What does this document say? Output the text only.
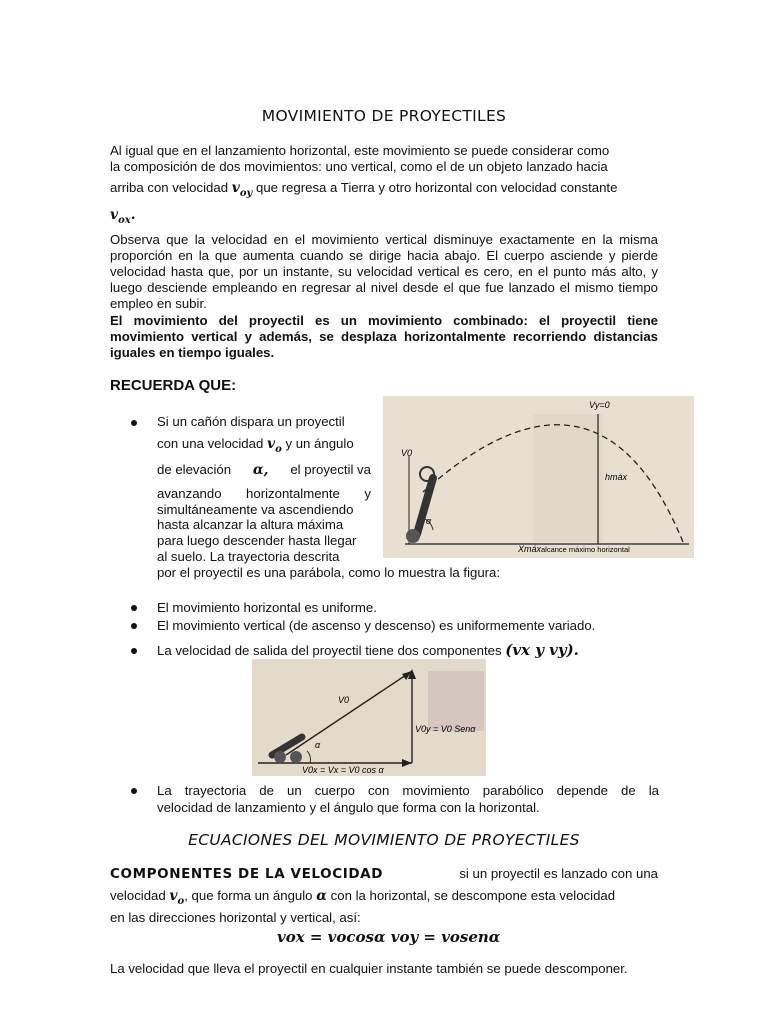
MOVIMIENTO DE PROYECTILES
Al igual que en el lanzamiento horizontal, este movimiento se puede considerar como
la composición de dos movimientos: uno vertical, como el de un objeto lanzado hacia
arriba con velocidad $v_{oy}$ que regresa a Tierra y otro horizontal con velocidad constante
$v_{ox}$.
Observa que la velocidad en el movimiento vertical disminuye exactamente en la misma proporción en la que aumenta cuando se dirige hacia abajo. El cuerpo asciende y pierde velocidad hasta que, por un instante, su velocidad vertical es cero, en el punto más alto, y luego desciende empleando en regresar al nivel desde el que fue lanzado el mismo tiempo empleo en subir.
El movimiento del proyectil es un movimiento combinado: el proyectil tiene movimiento vertical y además, se desplaza horizontalmente recorriendo distancias iguales en tiempo iguales.
RECUERDA QUE:
Si un cañón dispara un proyectil
con una velocidad $v_o$ y un ángulo
de elevación α, el proyectil va
avanzando horizontalmente y
simultáneamente va ascendiendo
hasta alcanzar la altura máxima
para luego descender hasta llegar
al suelo. La trayectoria descrita
por el proyectil es una parábola, como lo muestra la figura:
Vy=0
V0
hmáx
α
Xmáx alcance máximo horizontal
El movimiento horizontal es uniforme.
El movimiento vertical (de ascenso y descenso) es uniformemente variado.
La velocidad de salida del proyectil tiene dos componentes (vx y vy).
V0
V0y = V0 Senα
α
V0x = Vx = V0 cos α
La trayectoria de un cuerpo con movimiento parabólico depende de la
velocidad de lanzamiento y el ángulo que forma con la horizontal.
ECUACIONES DEL MOVIMIENTO DE PROYECTILES
COMPONENTES DE LA VELOCIDAD	si un proyectil es lanzado con una
velocidad $v_o$, que forma un ángulo α con la horizontal, se descompone esta velocidad
en las direcciones horizontal y vertical, así:
vox = vocosα voy = vosenα
La velocidad que lleva el proyectil en cualquier instante también se puede descomponer.
